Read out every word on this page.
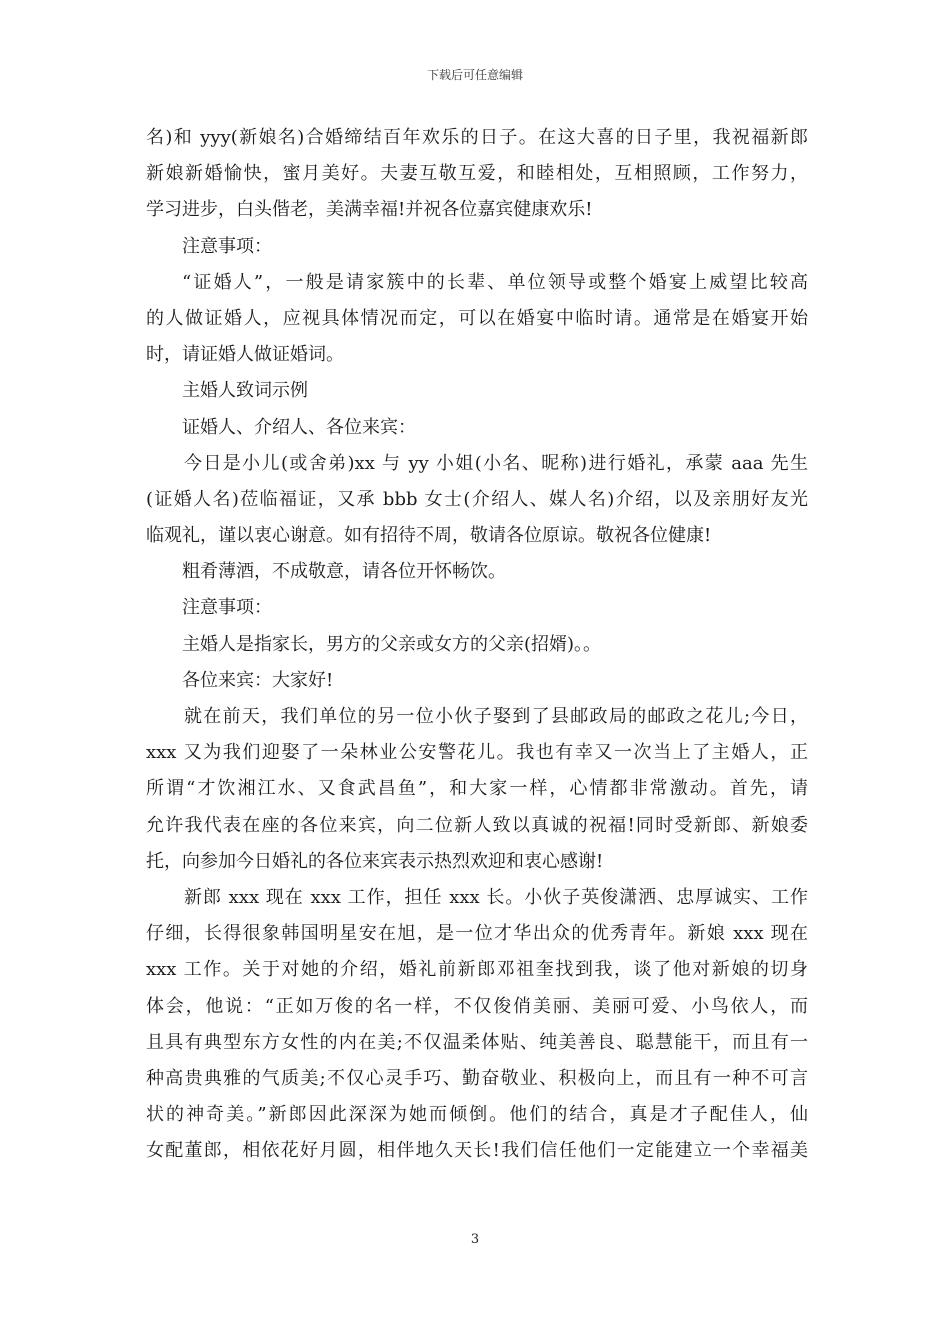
下载后可任意编辑
名)和 yyy(新娘名)合婚缔结百年欢乐的日子。在这大喜的日子里，我祝福新郎
新娘新婚愉快，蜜月美好。夫妻互敬互爱，和睦相处，互相照顾，工作努力，
学习进步，白头偕老，美满幸福!并祝各位嘉宾健康欢乐!
注意事项：
“证婚人”，一般是请家簇中的长辈、单位领导或整个婚宴上威望比较高
的人做证婚人，应视具体情况而定，可以在婚宴中临时请。通常是在婚宴开始
时，请证婚人做证婚词。
主婚人致词示例
证婚人、介绍人、各位来宾：
今日是小儿(或舍弟)xx 与 yy 小姐(小名、昵称)进行婚礼，承蒙 aaa 先生
(证婚人名)莅临福证，又承 bbb 女士(介绍人、媒人名)介绍，以及亲朋好友光
临观礼，谨以衷心谢意。如有招待不周，敬请各位原谅。敬祝各位健康!
粗肴薄酒，不成敬意，请各位开怀畅饮。
注意事项：
主婚人是指家长，男方的父亲或女方的父亲(招婿)。。
各位来宾：大家好!
就在前天，我们单位的另一位小伙子娶到了县邮政局的邮政之花儿;今日，
xxx 又为我们迎娶了一朵林业公安警花儿。我也有幸又一次当上了主婚人，正
所谓“才饮湘江水、又食武昌鱼”，和大家一样，心情都非常激动。首先，请
允许我代表在座的各位来宾，向二位新人致以真诚的祝福!同时受新郎、新娘委
托，向参加今日婚礼的各位来宾表示热烈欢迎和衷心感谢!
新郎 xxx 现在 xxx 工作，担任 xxx 长。小伙子英俊潇洒、忠厚诚实、工作
仔细，长得很象韩国明星安在旭，是一位才华出众的优秀青年。新娘 xxx 现在
xxx 工作。关于对她的介绍，婚礼前新郎邓祖奎找到我，谈了他对新娘的切身
体会，他说：“正如万俊的名一样，不仅俊俏美丽、美丽可爱、小鸟依人，而
且具有典型东方女性的内在美;不仅温柔体贴、纯美善良、聪慧能干，而且有一
种高贵典雅的气质美;不仅心灵手巧、勤奋敬业、积极向上，而且有一种不可言
状的神奇美。”新郎因此深深为她而倾倒。他们的结合，真是才子配佳人，仙
女配董郎，相依花好月圆，相伴地久天长!我们信任他们一定能建立一个幸福美
3
